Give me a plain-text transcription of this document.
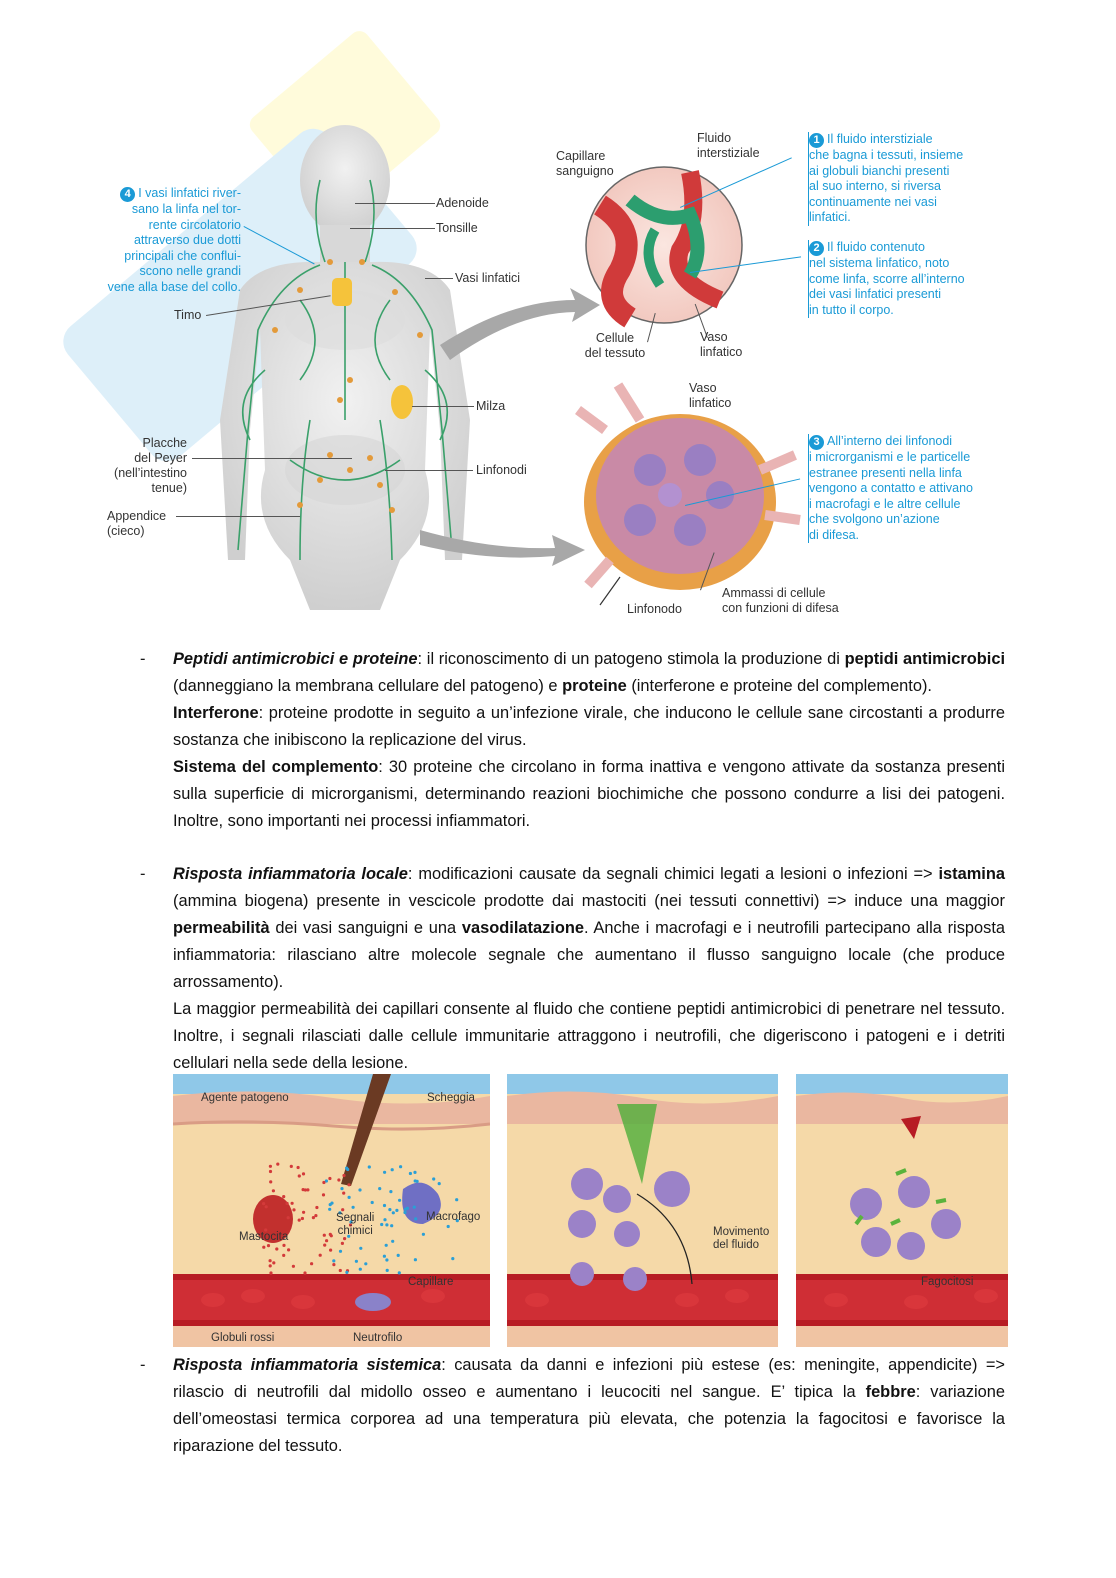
Adenoide
Tonsille
Vasi linfatici
Timo
Milza
Placche
del Peyer
(nell’intestino
tenue)
Linfonodi
Appendice
(cieco)
Capillare
sanguigno
Fluido
interstiziale
Cellule
del tessuto
Vaso
linfatico
Vaso
linfatico
Linfonodo
Ammassi di cellule
con funzioni di difesa
4 I vasi linfatici river-
sano la linfa nel tor-
rente circolatorio
attraverso due dotti
principali che conflui-
scono nelle grandi
vene alla base del collo.
1 Il fluido interstiziale
che bagna i tessuti, insieme
ai globuli bianchi presenti
al suo interno, si riversa
continuamente nei vasi
linfatici.
2 Il fluido contenuto
nel sistema linfatico, noto
come linfa, scorre all’interno
dei vasi linfatici presenti
in tutto il corpo.
3 All’interno dei linfonodi
i microrganismi e le particelle
estranee presenti nella linfa
vengono a contatto e attivano
i macrofagi e le altre cellule
che svolgono un’azione
di difesa.
- Peptidi antimicrobici e proteine: il riconoscimento di un patogeno stimola la produzione di peptidi antimicrobici (danneggiano la membrana cellulare del patogeno) e proteine (interferone e proteine del complemento).

Interferone: proteine prodotte in seguito a un’infezione virale, che inducono le cellule sane circostanti a produrre sostanza che inibiscono la replicazione del virus.

Sistema del complemento: 30 proteine che circolano in forma inattiva e vengono attivate da sostanza presenti sulla superficie di microrganismi, determinando reazioni biochimiche che possono condurre a lisi dei patogeni. Inoltre, sono importanti nei processi infiammatori.

- Risposta infiammatoria locale: modificazioni causate da segnali chimici legati a lesioni o infezioni => istamina (ammina biogena) presente in vescicole prodotte dai mastociti (nei tessuti connettivi) => induce una maggior permeabilità dei vasi sanguigni e una vasodilatazione. Anche i macrofagi e i neutrofili partecipano alla risposta infiammatoria: rilasciano altre molecole segnale che aumentano il flusso sanguigno locale (che produce arrossamento).

La maggior permeabilità dei capillari consente al fluido che contiene peptidi antimicrobici di penetrare nel tessuto. Inoltre, i segnali rilasciati dalle cellule immunitarie attraggono i neutrofili, che digeriscono i patogeni e i detriti cellulari nella sede della lesione.

Agente patogeno	Scheggia
Macrofago
Segnali
chimici
Mastocita
Capillare
Globuli rossi	Neutrofilo
Movimento
del fluido
Fagocitosi
- Risposta infiammatoria sistemica: causata da danni e infezioni più estese (es: meningite, appendicite) => rilascio di neutrofili dal midollo osseo e aumentano i leucociti nel sangue. E’ tipica la febbre: variazione dell’omeostasi termica corporea ad una temperatura più elevata, che potenzia la fagocitosi e favorisce la riparazione del tessuto.
